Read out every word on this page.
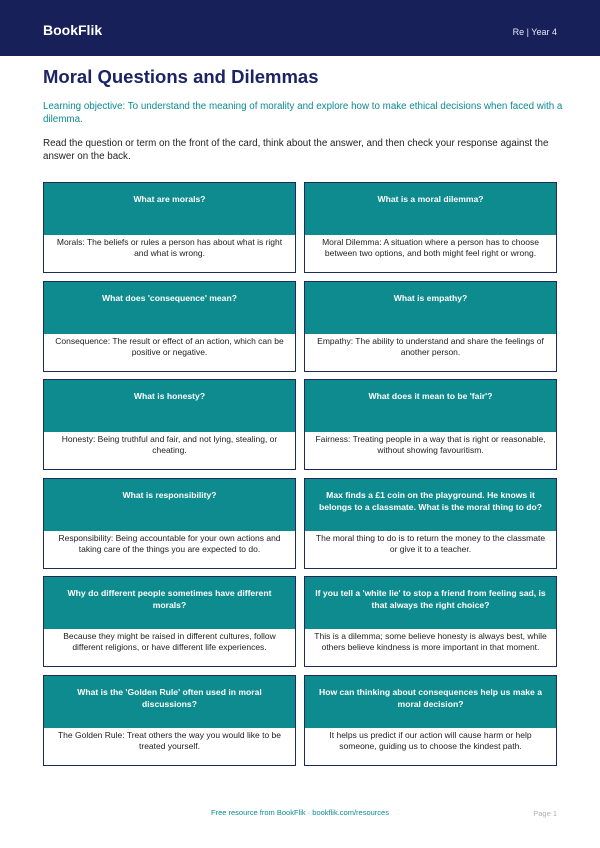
BookFlik	Re | Year 4
Moral Questions and Dilemmas

Learning objective: To understand the meaning of morality and explore how to make ethical decisions when faced with a dilemma.

Read the question or term on the front of the card, think about the answer, and then check your response against the answer on the back.

What are morals?
Morals: The beliefs or rules a person has about what is right and what is wrong.
What is a moral dilemma?
Moral Dilemma: A situation where a person has to choose between two options, and both might feel right or wrong.
What does 'consequence' mean?
Consequence: The result or effect of an action, which can be positive or negative.
What is empathy?
Empathy: The ability to understand and share the feelings of another person.
What is honesty?
Honesty: Being truthful and fair, and not lying, stealing, or cheating.
What does it mean to be 'fair'?
Fairness: Treating people in a way that is right or reasonable, without showing favouritism.
What is responsibility?
Responsibility: Being accountable for your own actions and taking care of the things you are expected to do.
Max finds a £1 coin on the playground. He knows it belongs to a classmate. What is the moral thing to do?
The moral thing to do is to return the money to the classmate or give it to a teacher.
Why do different people sometimes have different morals?
Because they might be raised in different cultures, follow different religions, or have different life experiences.
If you tell a 'white lie' to stop a friend from feeling sad, is that always the right choice?
This is a dilemma; some believe honesty is always best, while others believe kindness is more important in that moment.
What is the 'Golden Rule' often used in moral discussions?
The Golden Rule: Treat others the way you would like to be treated yourself.
How can thinking about consequences help us make a moral decision?
It helps us predict if our action will cause harm or help someone, guiding us to choose the kindest path.
Free resource from BookFlik · bookflik.com/resources	Page 1
